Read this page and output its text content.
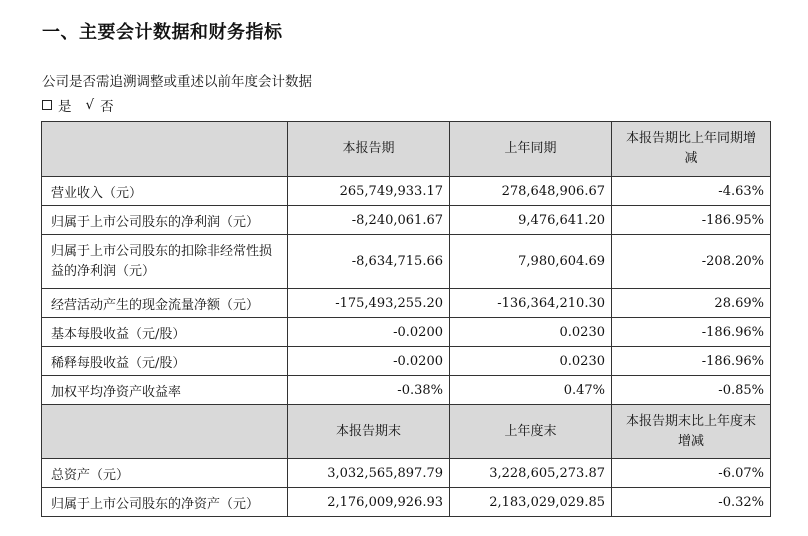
一、主要会计数据和财务指标
公司是否需追溯调整或重述以前年度会计数据
是 √ 否
	本报告期	上年同期	本报告期比上年同期增减
营业收入（元）	265,749,933.17	278,648,906.67	-4.63%
归属于上市公司股东的净利润（元）	-8,240,061.67	9,476,641.20	-186.95%
归属于上市公司股东的扣除非经常性损益的净利润（元）	-8,634,715.66	7,980,604.69	-208.20%
经营活动产生的现金流量净额（元）	-175,493,255.20	-136,364,210.30	28.69%
基本每股收益（元/股）	-0.0200	0.0230	-186.96%
稀释每股收益（元/股）	-0.0200	0.0230	-186.96%
加权平均净资产收益率	-0.38%	0.47%	-0.85%
	本报告期末	上年度末	本报告期末比上年度末增减
总资产（元）	3,032,565,897.79	3,228,605,273.87	-6.07%
归属于上市公司股东的净资产（元）	2,176,009,926.93	2,183,029,029.85	-0.32%
